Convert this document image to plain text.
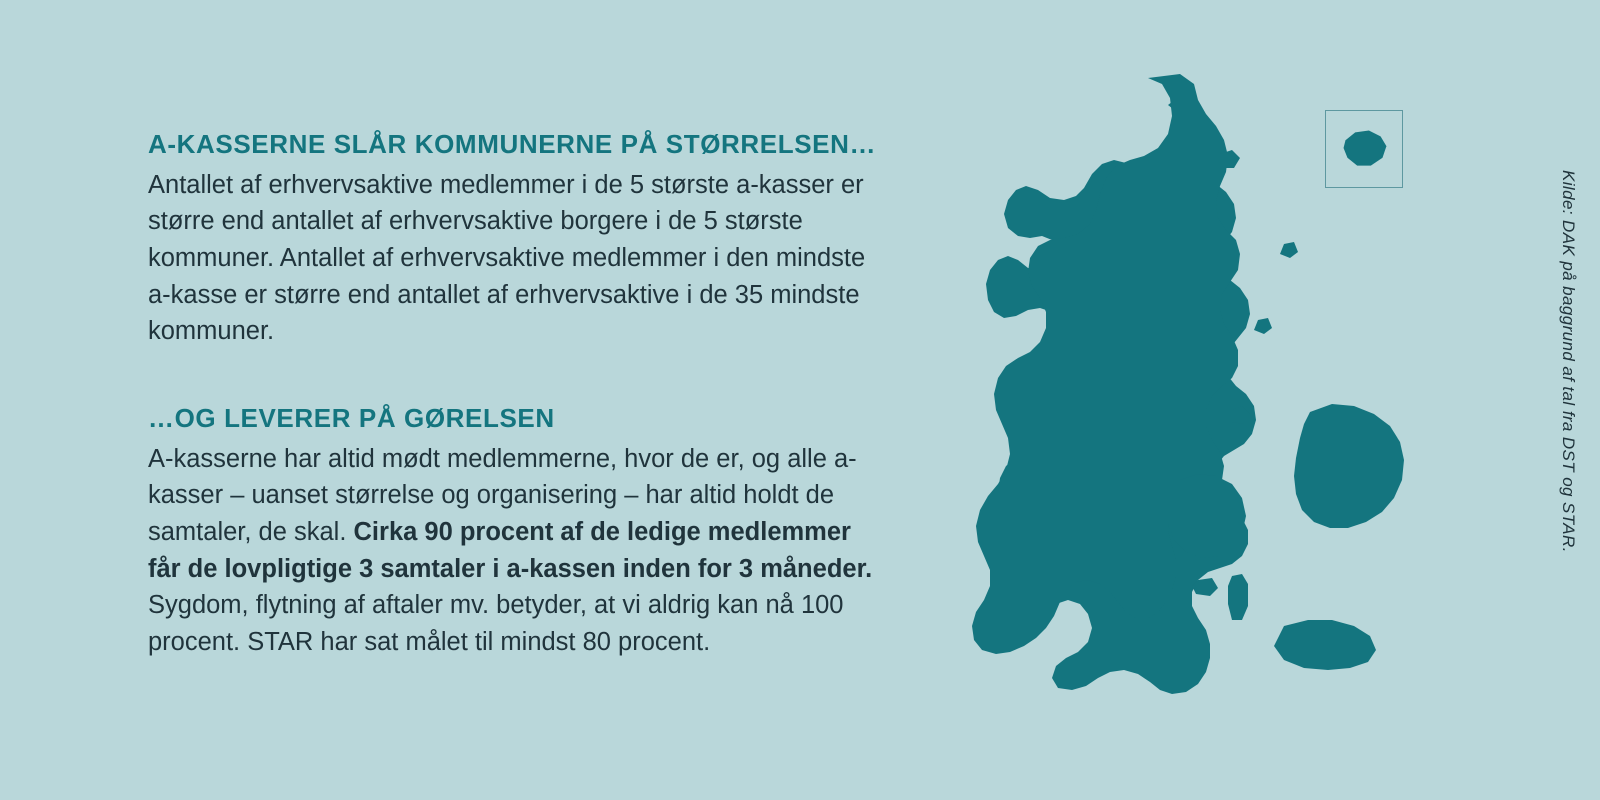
A-KASSERNE SLÅR KOMMUNERNE PÅ STØRRELSEN…

Antallet af erhvervsaktive medlemmer i de 5 største a-kasser er større end antallet af erhvervsaktive borgere i de 5 største kommuner. Antallet af erhvervsaktive medlemmer i den mindste a-kasse er større end antallet af erhvervsaktive i de 35 mindste kommuner.

…OG LEVERER PÅ GØRELSEN

A-kasserne har altid mødt medlemmerne, hvor de er, og alle a-kasser – uanset størrelse og organisering – har altid holdt de samtaler, de skal. Cirka 90 procent af de ledige medlemmer får de lovpligtige 3 samtaler i a-kassen inden for 3 måneder. Sygdom, flytning af aftaler mv. betyder, at vi aldrig kan nå 100 procent. STAR har sat målet til mindst 80 procent.

Kilde: DAK på baggrund af tal fra DST og STAR.
